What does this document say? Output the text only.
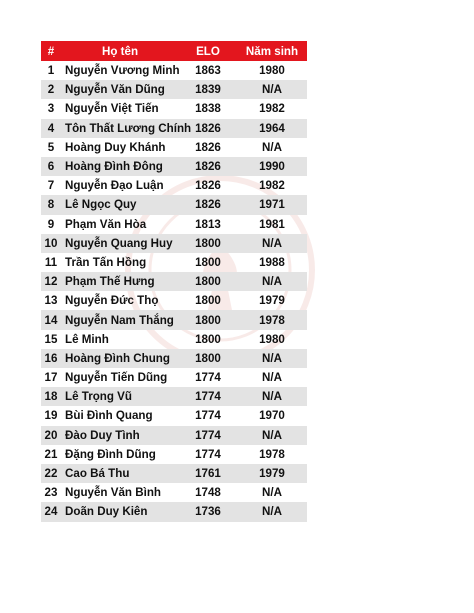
#	Họ tên	ELO	Năm sinh
1 Nguyễn Vương Minh	1863	1980
2 Nguyễn Văn Dũng	1839	N/A
3 Nguyễn Việt Tiến	1838	1982
4 Tôn Thất Lương Chính 1826	1964
5 Hoàng Duy Khánh	1826	N/A
6 Hoàng Đình Đông	1826	1990
7 Nguyễn Đạo Luận	1826	1982
8 Lê Ngọc Quy	1826	1971
9 Phạm Văn Hòa	1813	1981
10 Nguyễn Quang Huy	1800	N/A
11 Trần Tấn Hồng	1800	1988
12 Phạm Thế Hưng	1800	N/A
13 Nguyễn Đức Thọ	1800	1979
14 Nguyễn Nam Thắng	1800	1978
15 Lê Minh	1800	1980
16 Hoàng Đình Chung	1800	N/A
17 Nguyễn Tiến Dũng	1774	N/A
18 Lê Trọng Vũ	1774	N/A
19 Bùi Đình Quang	1774	1970
20 Đào Duy Tình	1774	N/A
21 Đặng Đình Dũng	1774	1978
22 Cao Bá Thu	1761	1979
23 Nguyễn Văn Bình	1748	N/A
24 Doãn Duy Kiên	1736	N/A
